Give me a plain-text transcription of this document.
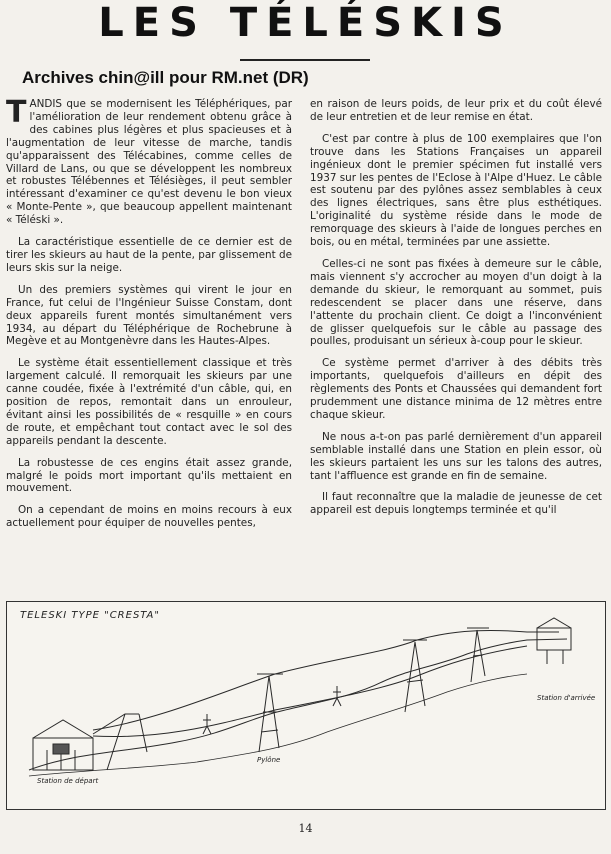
LES TÉLÉSKIS
Archives chin@ill pour RM.net (DR)

TANDIS que se modernisent les Téléphériques, par l'amélioration de leur rendement obtenu grâce à des cabines plus légères et plus spacieuses et à l'augmentation de leur vitesse de marche, tandis qu'apparaissent des Télécabines, comme celles de Villard de Lans, ou que se développent les nombreux et robustes Télébennes et Télésièges, il peut sembler intéressant d'examiner ce qu'est devenu le bon vieux « Monte-Pente », que beaucoup appellent maintenant « Téléski ».

La caractéristique essentielle de ce dernier est de tirer les skieurs au haut de la pente, par glissement de leurs skis sur la neige.

Un des premiers systèmes qui virent le jour en France, fut celui de l'Ingénieur Suisse Constam, dont deux appareils furent montés simultanément vers 1934, au départ du Téléphérique de Rochebrune à Megève et au Montgenèvre dans les Hautes-Alpes.

Le système était essentiellement classique et très largement calculé. Il remorquait les skieurs par une canne coudée, fixée à l'extrémité d'un câble, qui, en position de repos, remontait dans un enrouleur, évitant ainsi les possibilités de « resquille » en cours de route, et empêchant tout contact avec le sol des appareils pendant la descente.

La robustesse de ces engins était assez grande, malgré le poids mort important qu'ils mettaient en mouvement.

On a cependant de moins en moins recours à eux actuellement pour équiper de nouvelles pentes,

en raison de leurs poids, de leur prix et du coût élevé de leur entretien et de leur remise en état.

C'est par contre à plus de 100 exemplaires que l'on trouve dans les Stations Françaises un appareil ingénieux dont le premier spécimen fut installé vers 1937 sur les pentes de l'Eclose à l'Alpe d'Huez. Le câble est soutenu par des pylônes assez semblables à ceux des lignes électriques, sans être plus esthétiques. L'originalité du système réside dans le mode de remorquage des skieurs à l'aide de longues perches en bois, ou en métal, terminées par une assiette.

Celles-ci ne sont pas fixées à demeure sur le câble, mais viennent s'y accrocher au moyen d'un doigt à la demande du skieur, le remorquant au sommet, puis redescendent se placer dans une réserve, dans l'attente du prochain client. Ce doigt a l'inconvénient de glisser quelquefois sur le câble au passage des poulles, produisant un sérieux à-coup pour le skieur.

Ce système permet d'arriver à des débits très importants, quelquefois d'ailleurs en dépit des règlements des Ponts et Chaussées qui demandent fort prudemment une distance minima de 12 mètres entre chaque skieur.

Ne nous a-t-on pas parlé dernièrement d'un appareil semblable installé dans une Station en plein essor, où les skieurs partaient les uns sur les talons des autres, tant l'affluence est grande en fin de semaine.

Il faut reconnaître que la maladie de jeunesse de cet appareil est depuis longtemps terminée et qu'il

TELESKI TYPE "CRESTA"
Station de départ
Pylône
Station d'arrivée
14
